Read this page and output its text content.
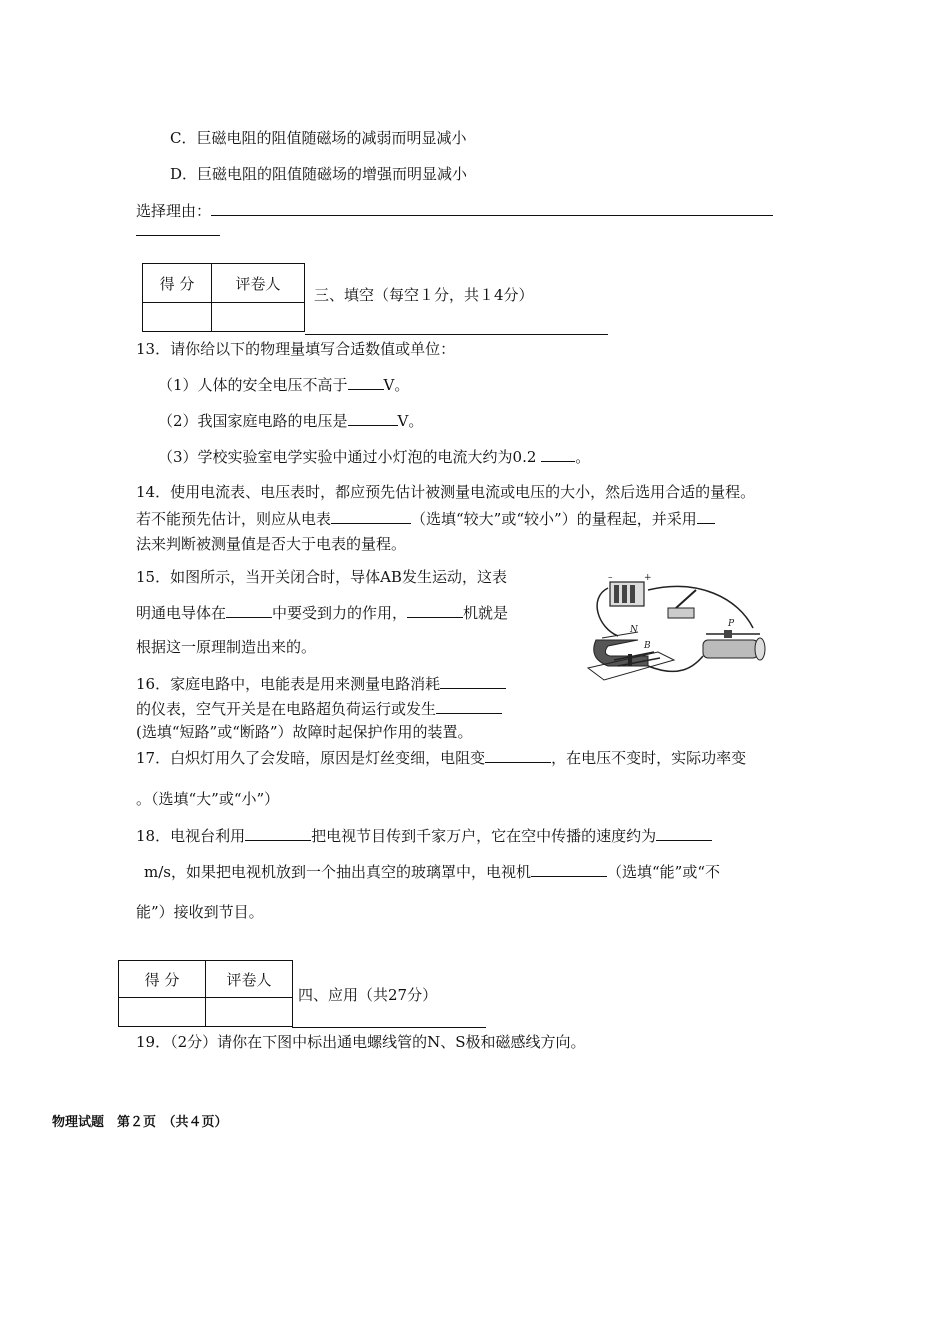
C．巨磁电阻的阻值随磁场的减弱而明显减小
D．巨磁电阻的阻值随磁场的增强而明显减小
选择理由：
得 分	评卷人

三、填空（每空１分，共１4分）
13．请你给以下的物理量填写合适数值或单位：
（1）人体的安全电压不高于 V。
（2）我国家庭电路的电压是	V。
（3）学校实验室电学实验中通过小灯泡的电流大约为0.2	。
14．使用电流表、电压表时，都应预先估计被测量电流或电压的大小，然后选用合适的量程。
若不能预先估计，则应从电表	（选填“较大”或“较小”）的量程起，并采用
法来判断被测量值是否大于电表的量程。
15．如图所示，当开关闭合时，导体AB发生运动，这表
明通电导体在	中要受到力的作用，	机就是
根据这一原理制造出来的。
–	+
N
B
P
16．家庭电路中，电能表是用来测量电路消耗
的仪表，空气开关是在电路超负荷运行或发生
(选填“短路”或“断路”）故障时起保护作用的装置。
17．白炽灯用久了会发暗，原因是灯丝变细，电阻变	，在电压不变时，实际功率变
。（选填“大”或“小”）
18．电视台利用	把电视节目传到千家万户，它在空中传播的速度约为
m/s，如果把电视机放到一个抽出真空的玻璃罩中，电视机	（选填“能”或“不
能”）接收到节目。
得 分	评卷人

四、应用（共27分）
19．（2分）请你在下图中标出通电螺线管的N、S极和磁感线方向。
物理试题　第２页　（共４页）
